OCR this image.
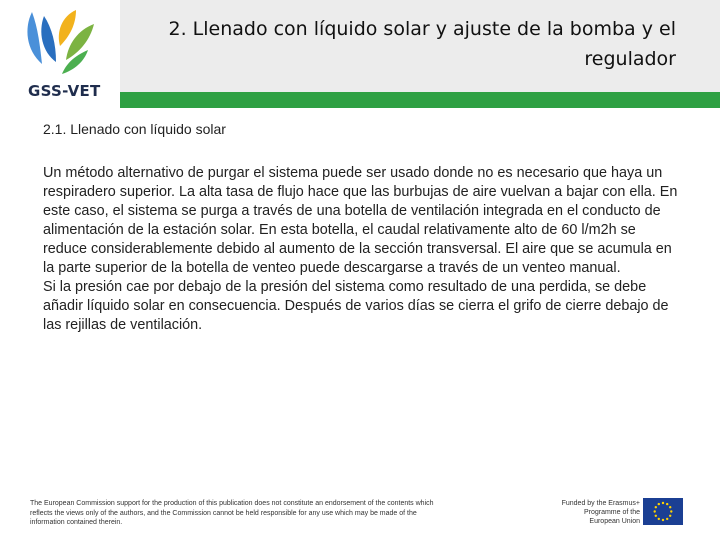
GSS-VET
2. Llenado con líquido solar y ajuste de la bomba y el regulador
2.1. Llenado con líquido solar

Un método alternativo de purgar el sistema puede ser usado donde no es necesario que haya un respiradero superior. La alta tasa de flujo hace que las burbujas de aire vuelvan a bajar con ella. En este caso, el sistema se purga a través de una botella de ventilación integrada en el conducto de alimentación de la estación solar. En esta botella, el caudal relativamente alto de 60 l/m2h se reduce considerablemente debido al aumento de la sección transversal. El aire que se acumula en la parte superior de la botella de venteo puede descargarse a través de un venteo manual.

Si la presión cae por debajo de la presión del sistema como resultado de una perdida, se debe añadir líquido solar en consecuencia. Después de varios días se cierra el grifo de cierre debajo de las rejillas de ventilación.

The European Commission support for the production of this publication does not constitute an endorsement of the contents which reflects the views only of the authors, and the Commission cannot be held responsible for any use which may be made of the information contained therein.
Funded by the Erasmus+ Programme of the European Union
